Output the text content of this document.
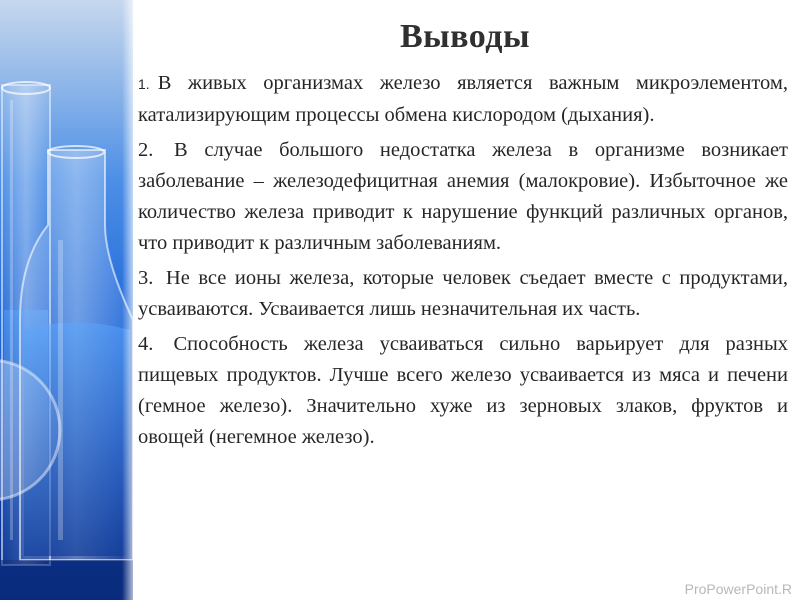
Выводы
1. В живых организмах железо является важным микроэлементом, катализирующим процессы обмена кислородом (дыхания).
2. В случае большого недостатка железа в организме возникает заболевание – железодефицитная анемия (малокровие). Избыточное же количество железа приводит к нарушение функций различных органов, что приводит к различным заболеваниям.
3. Не все ионы железа, которые человек съедает вместе с продуктами, усваиваются. Усваивается лишь незначительная их часть.
4. Способность железа усваиваться сильно варьирует для разных пищевых продуктов. Лучше всего железо усваивается из мяса и печени (гемное железо). Значительно хуже из зерновых злаков, фруктов и овощей (негемное железо).
ProPowerPoint.R
